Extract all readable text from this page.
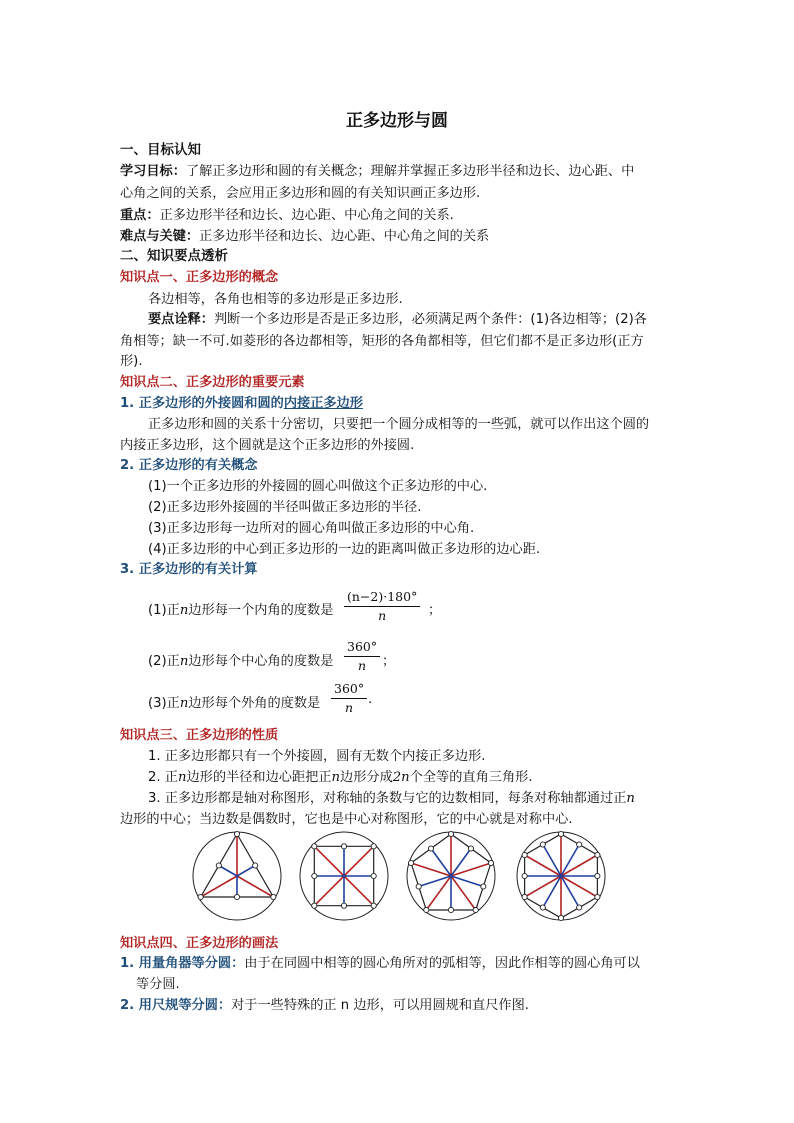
正多边形与圆
一、目标认知
学习目标：了解正多边形和圆的有关概念；理解并掌握正多边形半径和边长、边心距、中
心角之间的关系，会应用正多边形和圆的有关知识画正多边形.
重点：正多边形半径和边长、边心距、中心角之间的关系.
难点与关键：正多边形半径和边长、边心距、中心角之间的关系
二、知识要点透析
知识点一、正多边形的概念
各边相等，各角也相等的多边形是正多边形.
要点诠释：判断一个多边形是否是正多边形，必须满足两个条件：(1)各边相等；(2)各
角相等；缺一不可.如菱形的各边都相等，矩形的各角都相等，但它们都不是正多边形(正方
形).
知识点二、正多边形的重要元素
1. 正多边形的外接圆和圆的内接正多边形
正多边形和圆的关系十分密切，只要把一个圆分成相等的一些弧，就可以作出这个圆的
内接正多边形，这个圆就是这个正多边形的外接圆.
2. 正多边形的有关概念
(1)一个正多边形的外接圆的圆心叫做这个正多边形的中心.
(2)正多边形外接圆的半径叫做正多边形的半径.
(3)正多边形每一边所对的圆心角叫做正多边形的中心角.
(4)正多边形的中心到正多边形的一边的距离叫做正多边形的边心距.
3. 正多边形的有关计算
(1)正n边形每一个内角的度数是 $\frac{(n-2)\cdot 180^\circ}{n}$ ；
(2)正n边形每个中心角的度数是 $\frac{360^\circ}{n}$ ；
(3)正n边形每个外角的度数是 $\frac{360^\circ}{n}$ .
知识点三、正多边形的性质
1. 正多边形都只有一个外接圆，圆有无数个内接正多边形.
2. 正n边形的半径和边心距把正n边形分成2n个全等的直角三角形.
3. 正多边形都是轴对称图形，对称轴的条数与它的边数相同，每条对称轴都通过正n
边形的中心；当边数是偶数时，它也是中心对称图形，它的中心就是对称中心.
知识点四、正多边形的画法
1. 用量角器等分圆：由于在同圆中相等的圆心角所对的弧相等，因此作相等的圆心角可以
等分圆.
2. 用尺规等分圆：对于一些特殊的正 n 边形，可以用圆规和直尺作图.
